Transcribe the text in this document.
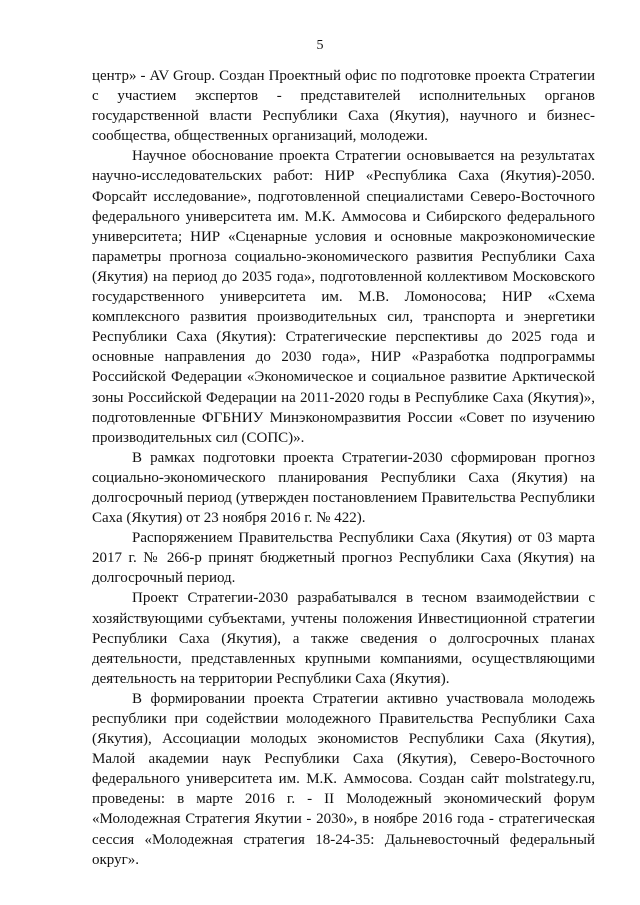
5

центр» - AV Group. Создан Проектный офис по подготовке проекта Стратегии с участием экспертов - представителей исполнительных органов государственной власти Республики Саха (Якутия), научного и бизнес-сообщества, общественных организаций, молодежи.

Научное обоснование проекта Стратегии основывается на результатах научно-исследовательских работ: НИР «Республика Саха (Якутия)-2050. Форсайт исследование», подготовленной специалистами Северо-Восточного федерального университета им. М.К. Аммосова и Сибирского федерального университета; НИР «Сценарные условия и основные макроэкономические параметры прогноза социально-экономического развития Республики Саха (Якутия) на период до 2035 года», подготовленной коллективом Московского государственного университета им. М.В. Ломоносова; НИР «Схема комплексного развития производительных сил, транспорта и энергетики Республики Саха (Якутия): Стратегические перспективы до 2025 года и основные направления до 2030 года», НИР «Разработка подпрограммы Российской Федерации «Экономическое и социальное развитие Арктической зоны Российской Федерации на 2011-2020 годы в Республике Саха (Якутия)», подготовленные ФГБНИУ Минэкономразвития России «Совет по изучению производительных сил (СОПС)».

В рамках подготовки проекта Стратегии-2030 сформирован прогноз социально-экономического планирования Республики Саха (Якутия) на долгосрочный период (утвержден постановлением Правительства Республики Саха (Якутия) от 23 ноября 2016 г. № 422).

Распоряжением Правительства Республики Саха (Якутия) от 03 марта 2017 г. № 266-р принят бюджетный прогноз Республики Саха (Якутия) на долгосрочный период.

Проект Стратегии-2030 разрабатывался в тесном взаимодействии с хозяйствующими субъектами, учтены положения Инвестиционной стратегии Республики Саха (Якутия), а также сведения о долгосрочных планах деятельности, представленных крупными компаниями, осуществляющими деятельность на территории Республики Саха (Якутия).

В формировании проекта Стратегии активно участвовала молодежь республики при содействии молодежного Правительства Республики Саха (Якутия), Ассоциации молодых экономистов Республики Саха (Якутия), Малой академии наук Республики Саха (Якутия), Северо-Восточного федерального университета им. М.К. Аммосова. Создан сайт molstrategy.ru, проведены: в марте 2016 г. - II Молодежный экономический форум «Молодежная Стратегия Якутии - 2030», в ноябре 2016 года - стратегическая сессия «Молодежная стратегия 18-24-35: Дальневосточный федеральный округ».
